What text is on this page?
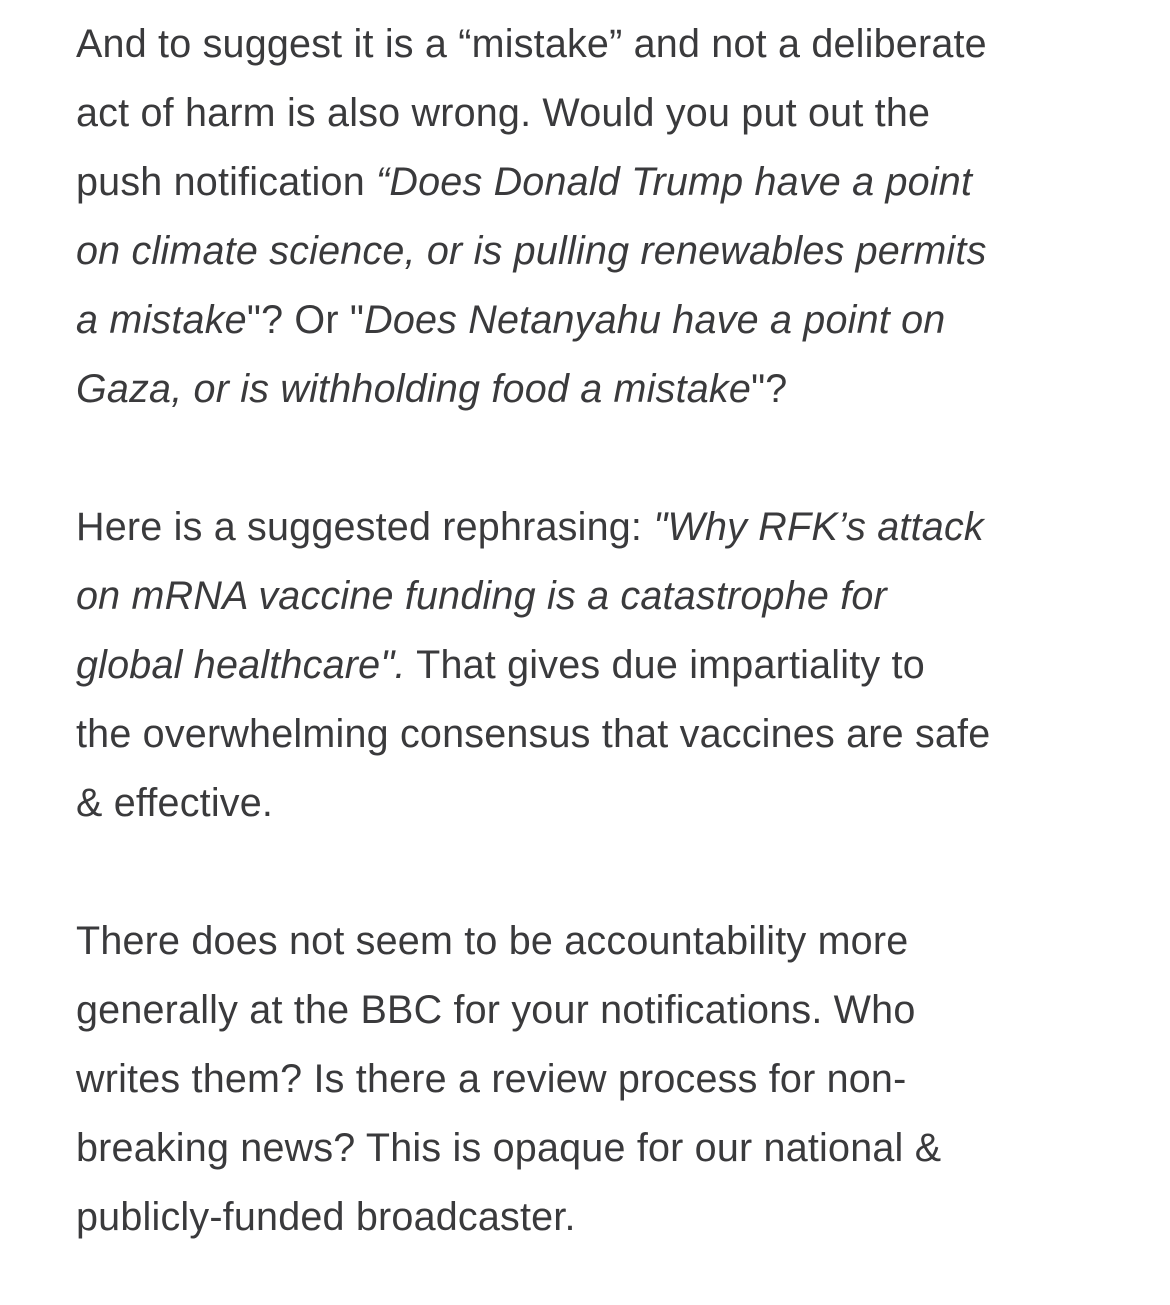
And to suggest it is a “mistake” and not a deliberate
act of harm is also wrong. Would you put out the
push notification “Does Donald Trump have a point
on climate science, or is pulling renewables permits
a mistake"? Or "Does Netanyahu have a point on
Gaza, or is withholding food a mistake"?

Here is a suggested rephrasing: "Why RFK’s attack
on mRNA vaccine funding is a catastrophe for
global healthcare". That gives due impartiality to
the overwhelming consensus that vaccines are safe
& effective.

There does not seem to be accountability more
generally at the BBC for your notifications. Who
writes them? Is there a review process for non-
breaking news? This is opaque for our national &
publicly-funded broadcaster.
